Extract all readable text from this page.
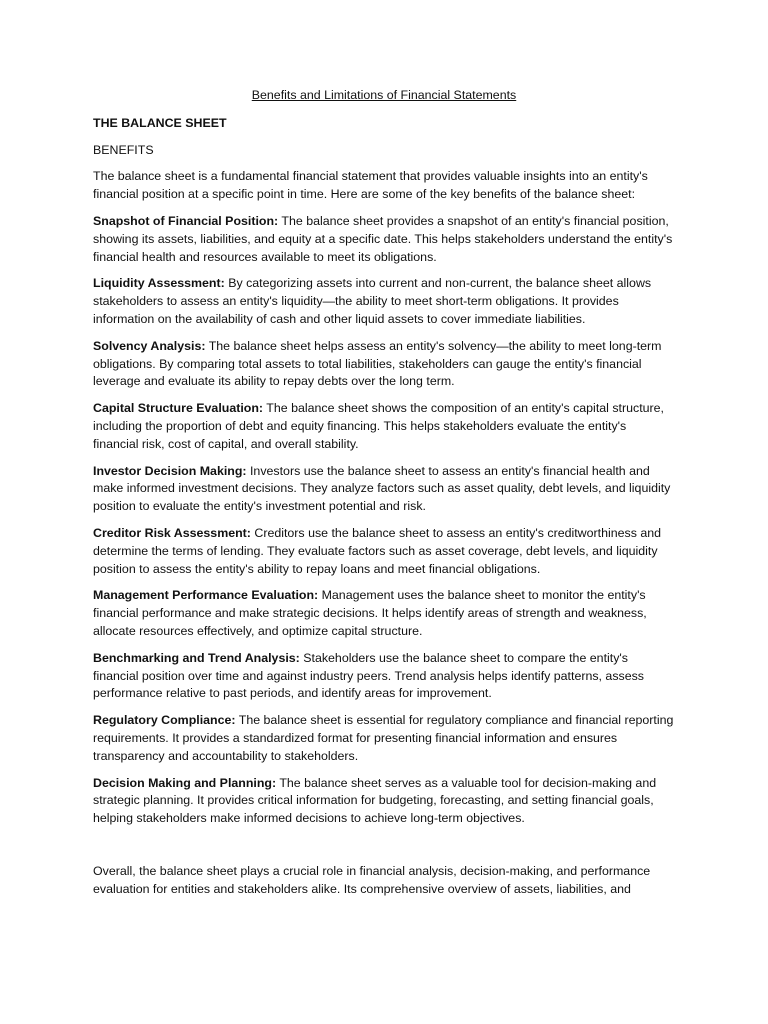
Benefits and Limitations of Financial Statements
THE BALANCE SHEET
BENEFITS

The balance sheet is a fundamental financial statement that provides valuable insights into an entity's financial position at a specific point in time. Here are some of the key benefits of the balance sheet:

Snapshot of Financial Position: The balance sheet provides a snapshot of an entity's financial position, showing its assets, liabilities, and equity at a specific date. This helps stakeholders understand the entity's financial health and resources available to meet its obligations.

Liquidity Assessment: By categorizing assets into current and non-current, the balance sheet allows stakeholders to assess an entity's liquidity—the ability to meet short-term obligations. It provides information on the availability of cash and other liquid assets to cover immediate liabilities.

Solvency Analysis: The balance sheet helps assess an entity's solvency—the ability to meet long-term obligations. By comparing total assets to total liabilities, stakeholders can gauge the entity's financial leverage and evaluate its ability to repay debts over the long term.

Capital Structure Evaluation: The balance sheet shows the composition of an entity's capital structure, including the proportion of debt and equity financing. This helps stakeholders evaluate the entity's financial risk, cost of capital, and overall stability.

Investor Decision Making: Investors use the balance sheet to assess an entity's financial health and make informed investment decisions. They analyze factors such as asset quality, debt levels, and liquidity position to evaluate the entity's investment potential and risk.

Creditor Risk Assessment: Creditors use the balance sheet to assess an entity's creditworthiness and determine the terms of lending. They evaluate factors such as asset coverage, debt levels, and liquidity position to assess the entity's ability to repay loans and meet financial obligations.

Management Performance Evaluation: Management uses the balance sheet to monitor the entity's financial performance and make strategic decisions. It helps identify areas of strength and weakness, allocate resources effectively, and optimize capital structure.

Benchmarking and Trend Analysis: Stakeholders use the balance sheet to compare the entity's financial position over time and against industry peers. Trend analysis helps identify patterns, assess performance relative to past periods, and identify areas for improvement.

Regulatory Compliance: The balance sheet is essential for regulatory compliance and financial reporting requirements. It provides a standardized format for presenting financial information and ensures transparency and accountability to stakeholders.

Decision Making and Planning: The balance sheet serves as a valuable tool for decision-making and strategic planning. It provides critical information for budgeting, forecasting, and setting financial goals, helping stakeholders make informed decisions to achieve long-term objectives.

Overall, the balance sheet plays a crucial role in financial analysis, decision-making, and performance evaluation for entities and stakeholders alike. Its comprehensive overview of assets, liabilities, and
